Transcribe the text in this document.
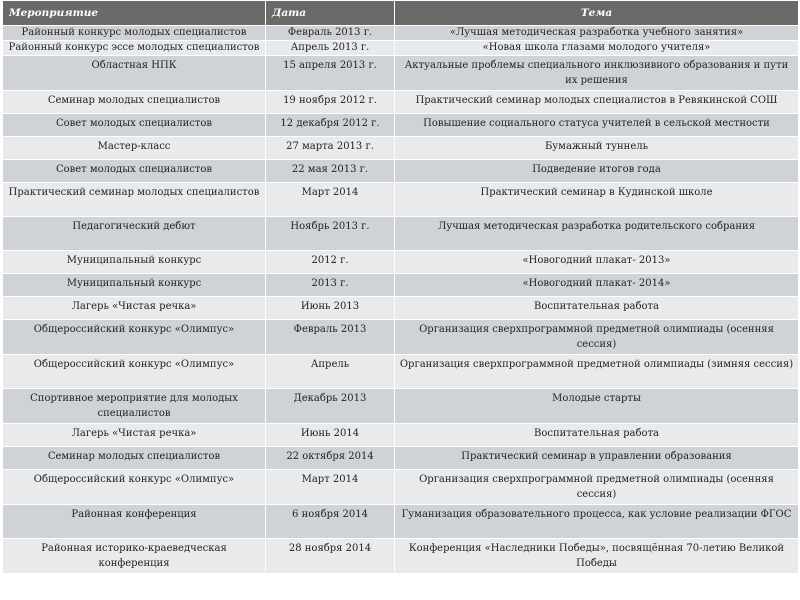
Мероприятие	Дата	Тема
Районный конкурс молодых специалистов	Февраль 2013 г.	«Лучшая методическая разработка учебного занятия»
Районный конкурс эссе молодых специалистов	Апрель 2013 г.	«Новая школа глазами молодого учителя»
Областная НПК	15 апреля 2013 г.	Актуальные проблемы специального инклюзивного образования и пути их решения
Семинар молодых специалистов	19 ноября 2012 г.	Практический семинар молодых специалистов в Ревякинской СОШ
Совет молодых специалистов	12 декабря 2012 г.	Повышение социального статуса учителей в сельской местности
Мастер-класс	27 марта 2013 г.	Бумажный туннель
Совет молодых специалистов	22 мая 2013 г.	Подведение итогов года
Практический семинар молодых специалистов	Март 2014	Практический семинар в Кудинской школе
Педагогический дебют	Ноябрь 2013 г.	Лучшая методическая разработка родительского собрания
Муниципальный конкурс	2012 г.	«Новогодний плакат- 2013»
Муниципальный конкурс	2013 г.	«Новогодний плакат- 2014»
Лагерь «Чистая речка»	Июнь 2013	Воспитательная работа
Общероссийский конкурс «Олимпус»	Февраль 2013	Организация сверхпрограммной предметной олимпиады (осенняя сессия)
Общероссийский конкурс «Олимпус»	Апрель	Организация сверхпрограммной предметной олимпиады (зимняя сессия)
Спортивное мероприятие для молодых специалистов	Декабрь 2013	Молодые старты
Лагерь «Чистая речка»	Июнь 2014	Воспитательная работа
Семинар молодых специалистов	22 октября 2014	Практический семинар в управлении образования
Общероссийский конкурс «Олимпус»	Март 2014	Организация сверхпрограммной предметной олимпиады (осенняя сессия)
Районная конференция	6 ноября 2014	Гуманизация образовательного процесса, как условие реализации ФГОС
Районная историко-краеведческая конференция	28 ноября 2014	Конференция «Наследники Победы», посвящённая 70-летию Великой Победы
